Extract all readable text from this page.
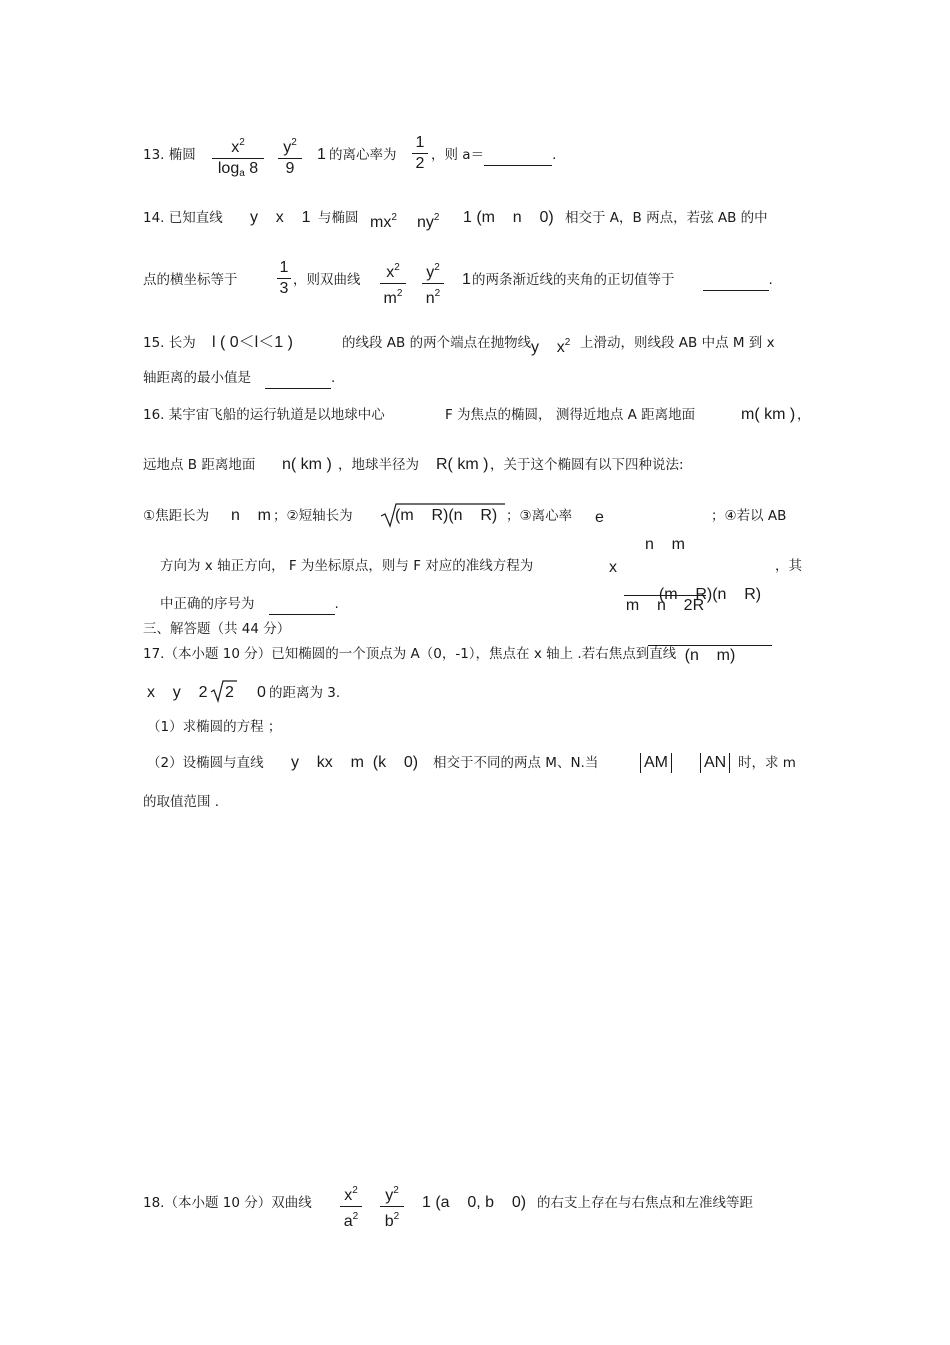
13. 椭圆 $\frac{x^2}{\log_a 8} \frac{y^2}{9} 1$ 的离心率为 $\frac{1}{2}$ ，则 a＝	.
14. 已知直线 y    x    1 与椭圆 $mx^2$ $ny^2$ 1 (m    n    0) 相交于 A，B 两点，若弦 AB 的中
点的横坐标等于 $\frac{1}{3}$ ，则双曲线 $\frac{x^2}{m^2} \frac{y^2}{n^2} 1$ 的两条渐近线的夹角的正切值等于	.
15. 长为 l ( 0＜l＜1 )	的线段 AB 的两个端点在抛物线 y    $x^2$ 上滑动，则线段 AB 中点 M 到 x
轴距离的最小值是	.
16. 某宇宙飞船的运行轨道是以地球中心	F 为焦点的椭圆， 测得近地点 A 距离地面	m( km ) ，
远地点 B 距离地面 n( km ) ，地球半径为 R( km ) ，关于这个椭圆有以下四种说法:
①焦距长为 n    m ；②短轴长为	(m    R)(n    R) ；③离心率 e

$\frac{\text{n    m}}{\text{m    n    2R}}$

；④若以 AB
方向为 x 轴正方向， F 为坐标原点，则与 F 对应的准线方程为	x

$\frac{\text{(m    R)(n    R)}}{\text{(n    m)}}$

，其
中正确的序号为	.
三、解答题（共 44 分）
17.（本小题 10 分）已知椭圆的一个顶点为 A（0，-1），焦点在 x 轴上 .若右焦点到直线
x    y    2 2 0 的距离为 3.
（1）求椭圆的方程 ；
（2）设椭圆与直线 y    kx    m  (k    0) 相交于不同的两点 M、N.当	AM AN 时，求 m
的取值范围 .
18.（本小题 10 分）双曲线 $\frac{x^2}{a^2} \frac{y^2}{b^2} 1$ (a    0, b    0) 的右支上存在与右焦点和左准线等距
